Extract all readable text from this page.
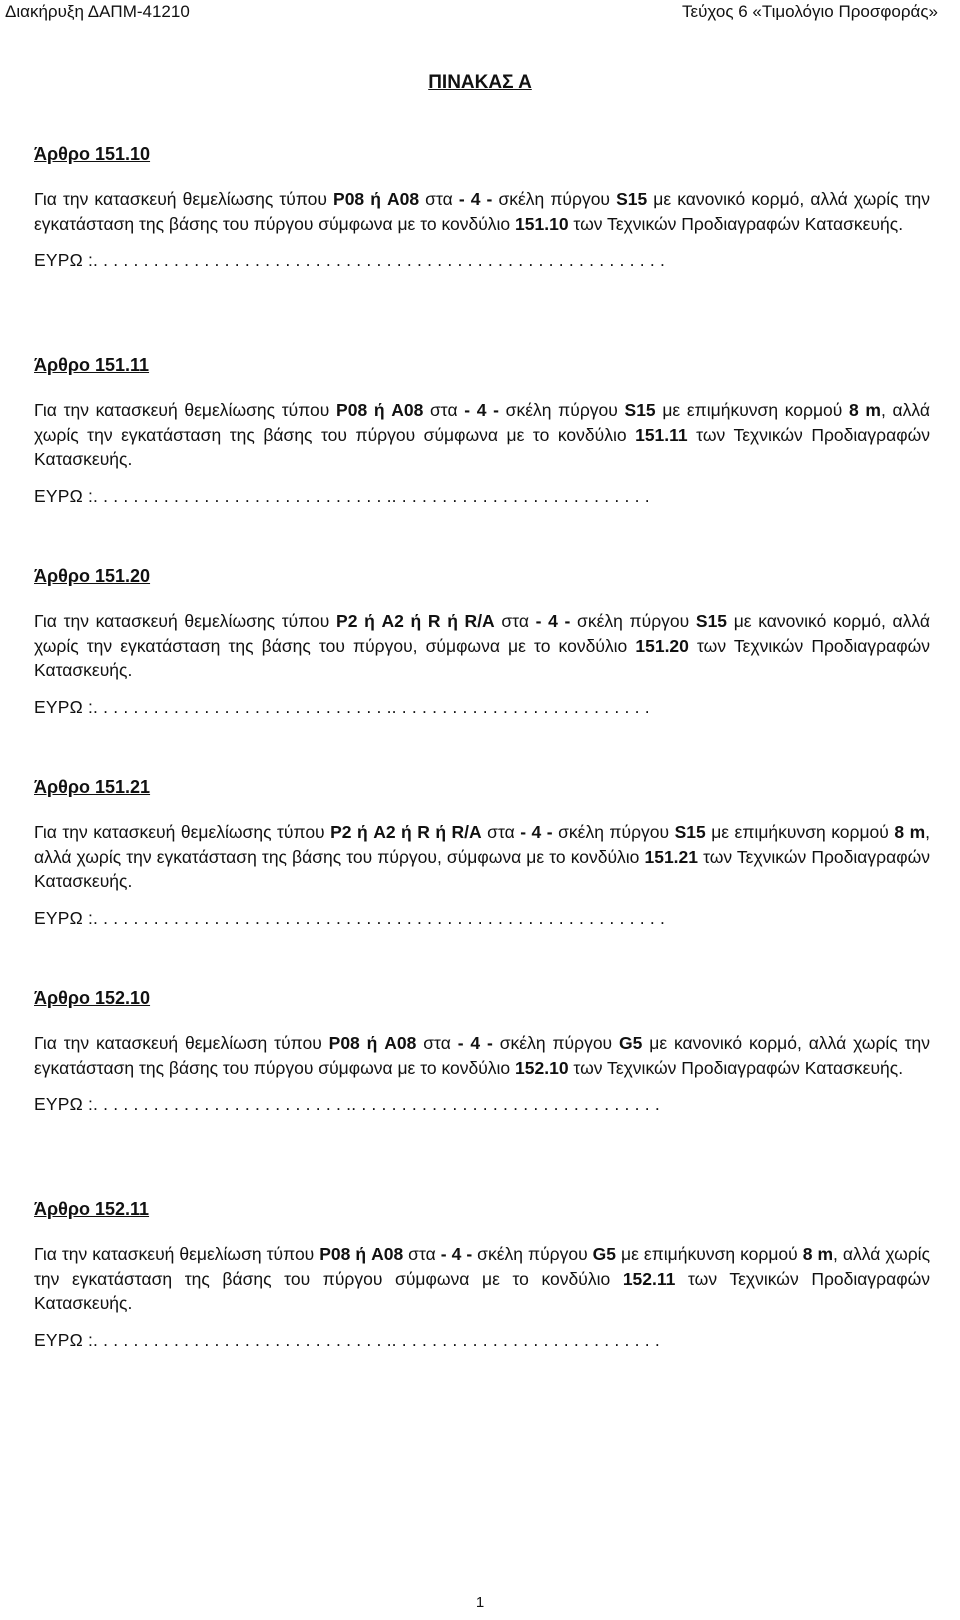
Διακήρυξη ΔΑΠΜ-41210	Τεύχος 6 «Τιμολόγιο Προσφοράς»
ΠΙΝΑΚΑΣ Α
Άρθρο 151.10
Για την κατασκευή θεμελίωσης τύπου P08 ή A08 στα - 4 - σκέλη πύργου S15 με κανονικό κορμό, αλλά χωρίς την εγκατάσταση της βάσης του πύργου σύμφωνα με το κονδύλιο 151.10 των Τεχνικών Προδιαγραφών Κατασκευής.
ΕΥΡΩ :. . . . . . . . . . . . . . . . . . . . . . . . . . . . . . . . . . . . . . . . . . . . . . . . . . . . . . . . .
Άρθρο 151.11
Για την κατασκευή θεμελίωσης τύπου P08 ή A08 στα - 4 - σκέλη πύργου S15 με επιμήκυνση κορμού 8 m, αλλά χωρίς την εγκατάσταση της βάσης του πύργου σύμφωνα με το κονδύλιο 151.11 των Τεχνικών Προδιαγραφών Κατασκευής.
ΕΥΡΩ :. . . . . . . . . . . . . . . . . . . . . . . . . . . . . .. . . . . . . . . . . . . . . . . . . . . . . . . .
Άρθρο 151.20
Για την κατασκευή θεμελίωσης τύπου P2 ή A2 ή R ή R/A στα - 4 - σκέλη πύργου S15 με κανονικό κορμό, αλλά χωρίς την εγκατάσταση της βάσης του πύργου, σύμφωνα με το κονδύλιο 151.20 των Τεχνικών Προδιαγραφών Κατασκευής.
ΕΥΡΩ :. . . . . . . . . . . . . . . . . . . . . . . . . . . . . .. . . . . . . . . . . . . . . . . . . . . . . . . .
Άρθρο 151.21
Για την κατασκευή θεμελίωσης τύπου P2 ή A2 ή R ή R/A στα - 4 - σκέλη πύργου S15 με επιμήκυνση κορμού 8 m, αλλά χωρίς την εγκατάσταση της βάσης του πύργου, σύμφωνα με το κονδύλιο 151.21 των Τεχνικών Προδιαγραφών Κατασκευής.
ΕΥΡΩ :. . . . . . . . . . . . . . . . . . . . . . . . . . . . . . . . . . . . . . . . . . . . . . . . . . . . . . . . .
Άρθρο 152.10
Για την κατασκευή θεμελίωση τύπου P08 ή A08 στα - 4 - σκέλη πύργου G5 με κανονικό κορμό, αλλά χωρίς την εγκατάσταση της βάσης του πύργου σύμφωνα με το κονδύλιο 152.10 των Τεχνικών Προδιαγραφών Κατασκευής.
ΕΥΡΩ :. . . . . . . . . . . . . . . . . . . . . . . . . .. . . . . . . . . . . . . . . . . . . . . . . . . . . . . . .
Άρθρο 152.11
Για την κατασκευή θεμελίωση τύπου P08 ή A08 στα - 4 - σκέλη πύργου G5 με επιμήκυνση κορμού 8 m, αλλά χωρίς την εγκατάσταση της βάσης του πύργου σύμφωνα με το κονδύλιο 152.11 των Τεχνικών Προδιαγραφών Κατασκευής.
ΕΥΡΩ :. . . . . . . . . . . . . . . . . . . . . . . . . . . . . .. . . . . . . . . . . . . . . . . . . . . . . . . . .
1
